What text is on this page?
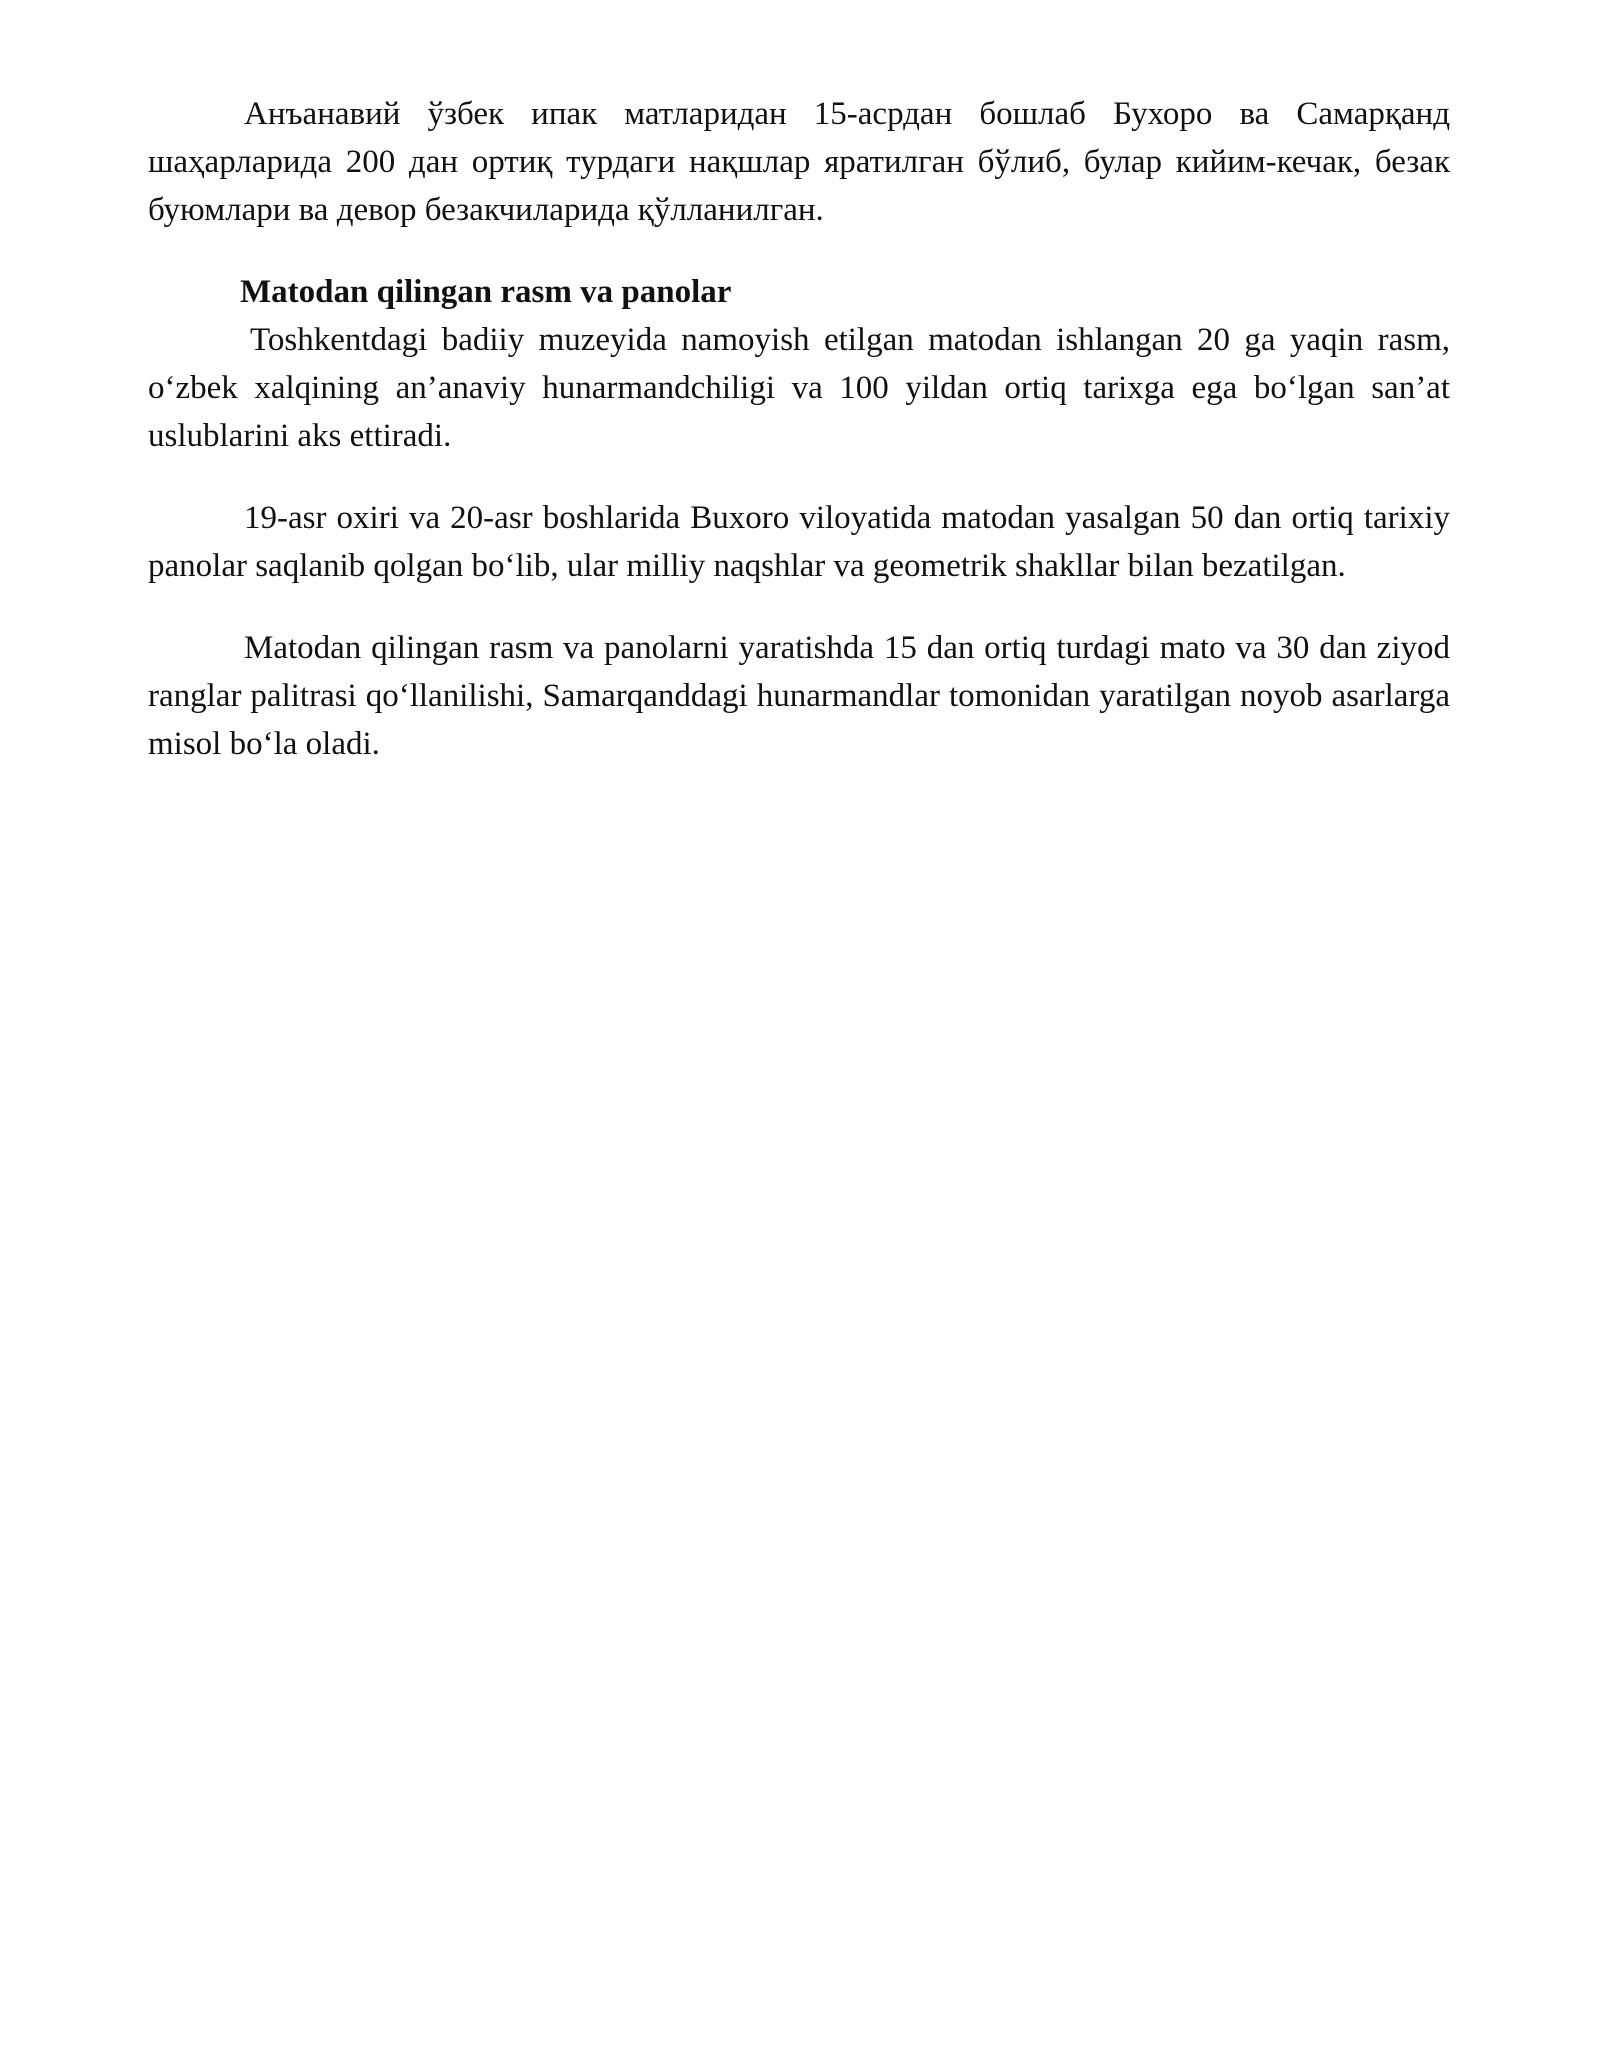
Анъанавий ўзбек ипак матларидан 15-асрдан бошлаб Бухоро ва Самарқанд шаҳарларида 200 дан ортиқ турдаги нақшлар яратилган бўлиб, булар кийим-кечак, безак буюмлари ва девор безакчиларида қўлланилган.

Matodan qilingan rasm va panolar

Toshkentdagi badiiy muzeyida namoyish etilgan matodan ishlangan 20 ga yaqin rasm, oʻzbek xalqining an’anaviy hunarmandchiligi va 100 yildan ortiq tarixga ega boʻlgan san’at uslublarini aks ettiradi.

19-asr oxiri va 20-asr boshlarida Buxoro viloyatida matodan yasalgan 50 dan ortiq tarixiy panolar saqlanib qolgan boʻlib, ular milliy naqshlar va geometrik shakllar bilan bezatilgan.

Matodan qilingan rasm va panolarni yaratishda 15 dan ortiq turdagi mato va 30 dan ziyod ranglar palitrasi qoʻllanilishi, Samarqanddagi hunarmandlar tomonidan yaratilgan noyob asarlarga misol boʻla oladi.
